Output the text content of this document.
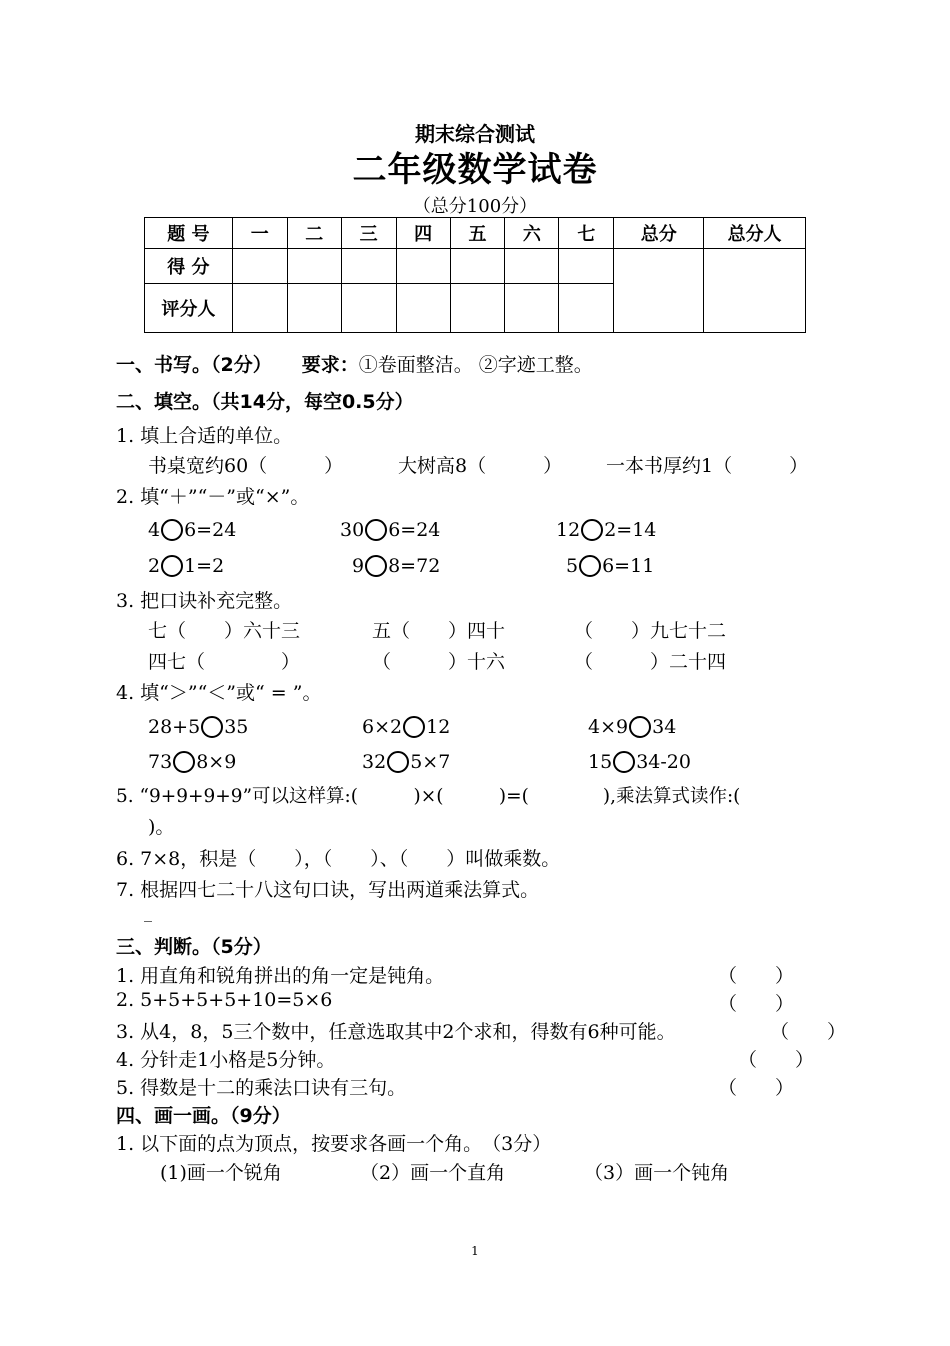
期末综合测试
二年级数学试卷
（总分100分）
题 号	一	二	三	四	五	六	七	总分	总分人
得 分									
评分人									
一、书写。（2分） 要求：①卷面整洁。 ②字迹工整。
二、填空。（共14分，每空0.5分）
1. 填上合适的单位。
书桌宽约60（　　　）	大树高8（　　　） 一本书厚约1（　　　）
2. 填“＋”“－”或“×”。
4 6=24	30 6=24	12 2=14
2 1=2	9 8=72	5 6=11
3. 把口诀补充完整。
七（　　）六十三	五（　　）四十	（　　）九七十二
四七（　　　　）	（　　　）十六	（　　　）二十四
4. 填“＞”“＜”或“ = ”。
28+5 35	6×2 12	4×9 34
73 8×9	32 5×7	15 34-20
5. “9+9+9+9”可以这样算:(　　　)×(　　　)=(　　　　),乘法算式读作:(
)。
6. 7×8，积是（　　），（　　）、（　　）叫做乘数。
7. 根据四七二十八这句口诀，写出两道乘法算式。
_
三、判断。（5分）
1. 用直角和锐角拼出的角一定是钝角。	（　　）
2. 5+5+5+5+10=5×6	（　　）
3. 从4，8，5三个数中，任意选取其中2个求和，得数有6种可能。	（　　）
4. 分针走1小格是5分钟。	（　　）
5. 得数是十二的乘法口诀有三句。	（　　）
四、画一画。（9分）
1. 以下面的点为顶点，按要求各画一个角。　（3分）
(1)画一个锐角	（2）画一个直角	（3）画一个钝角
1
